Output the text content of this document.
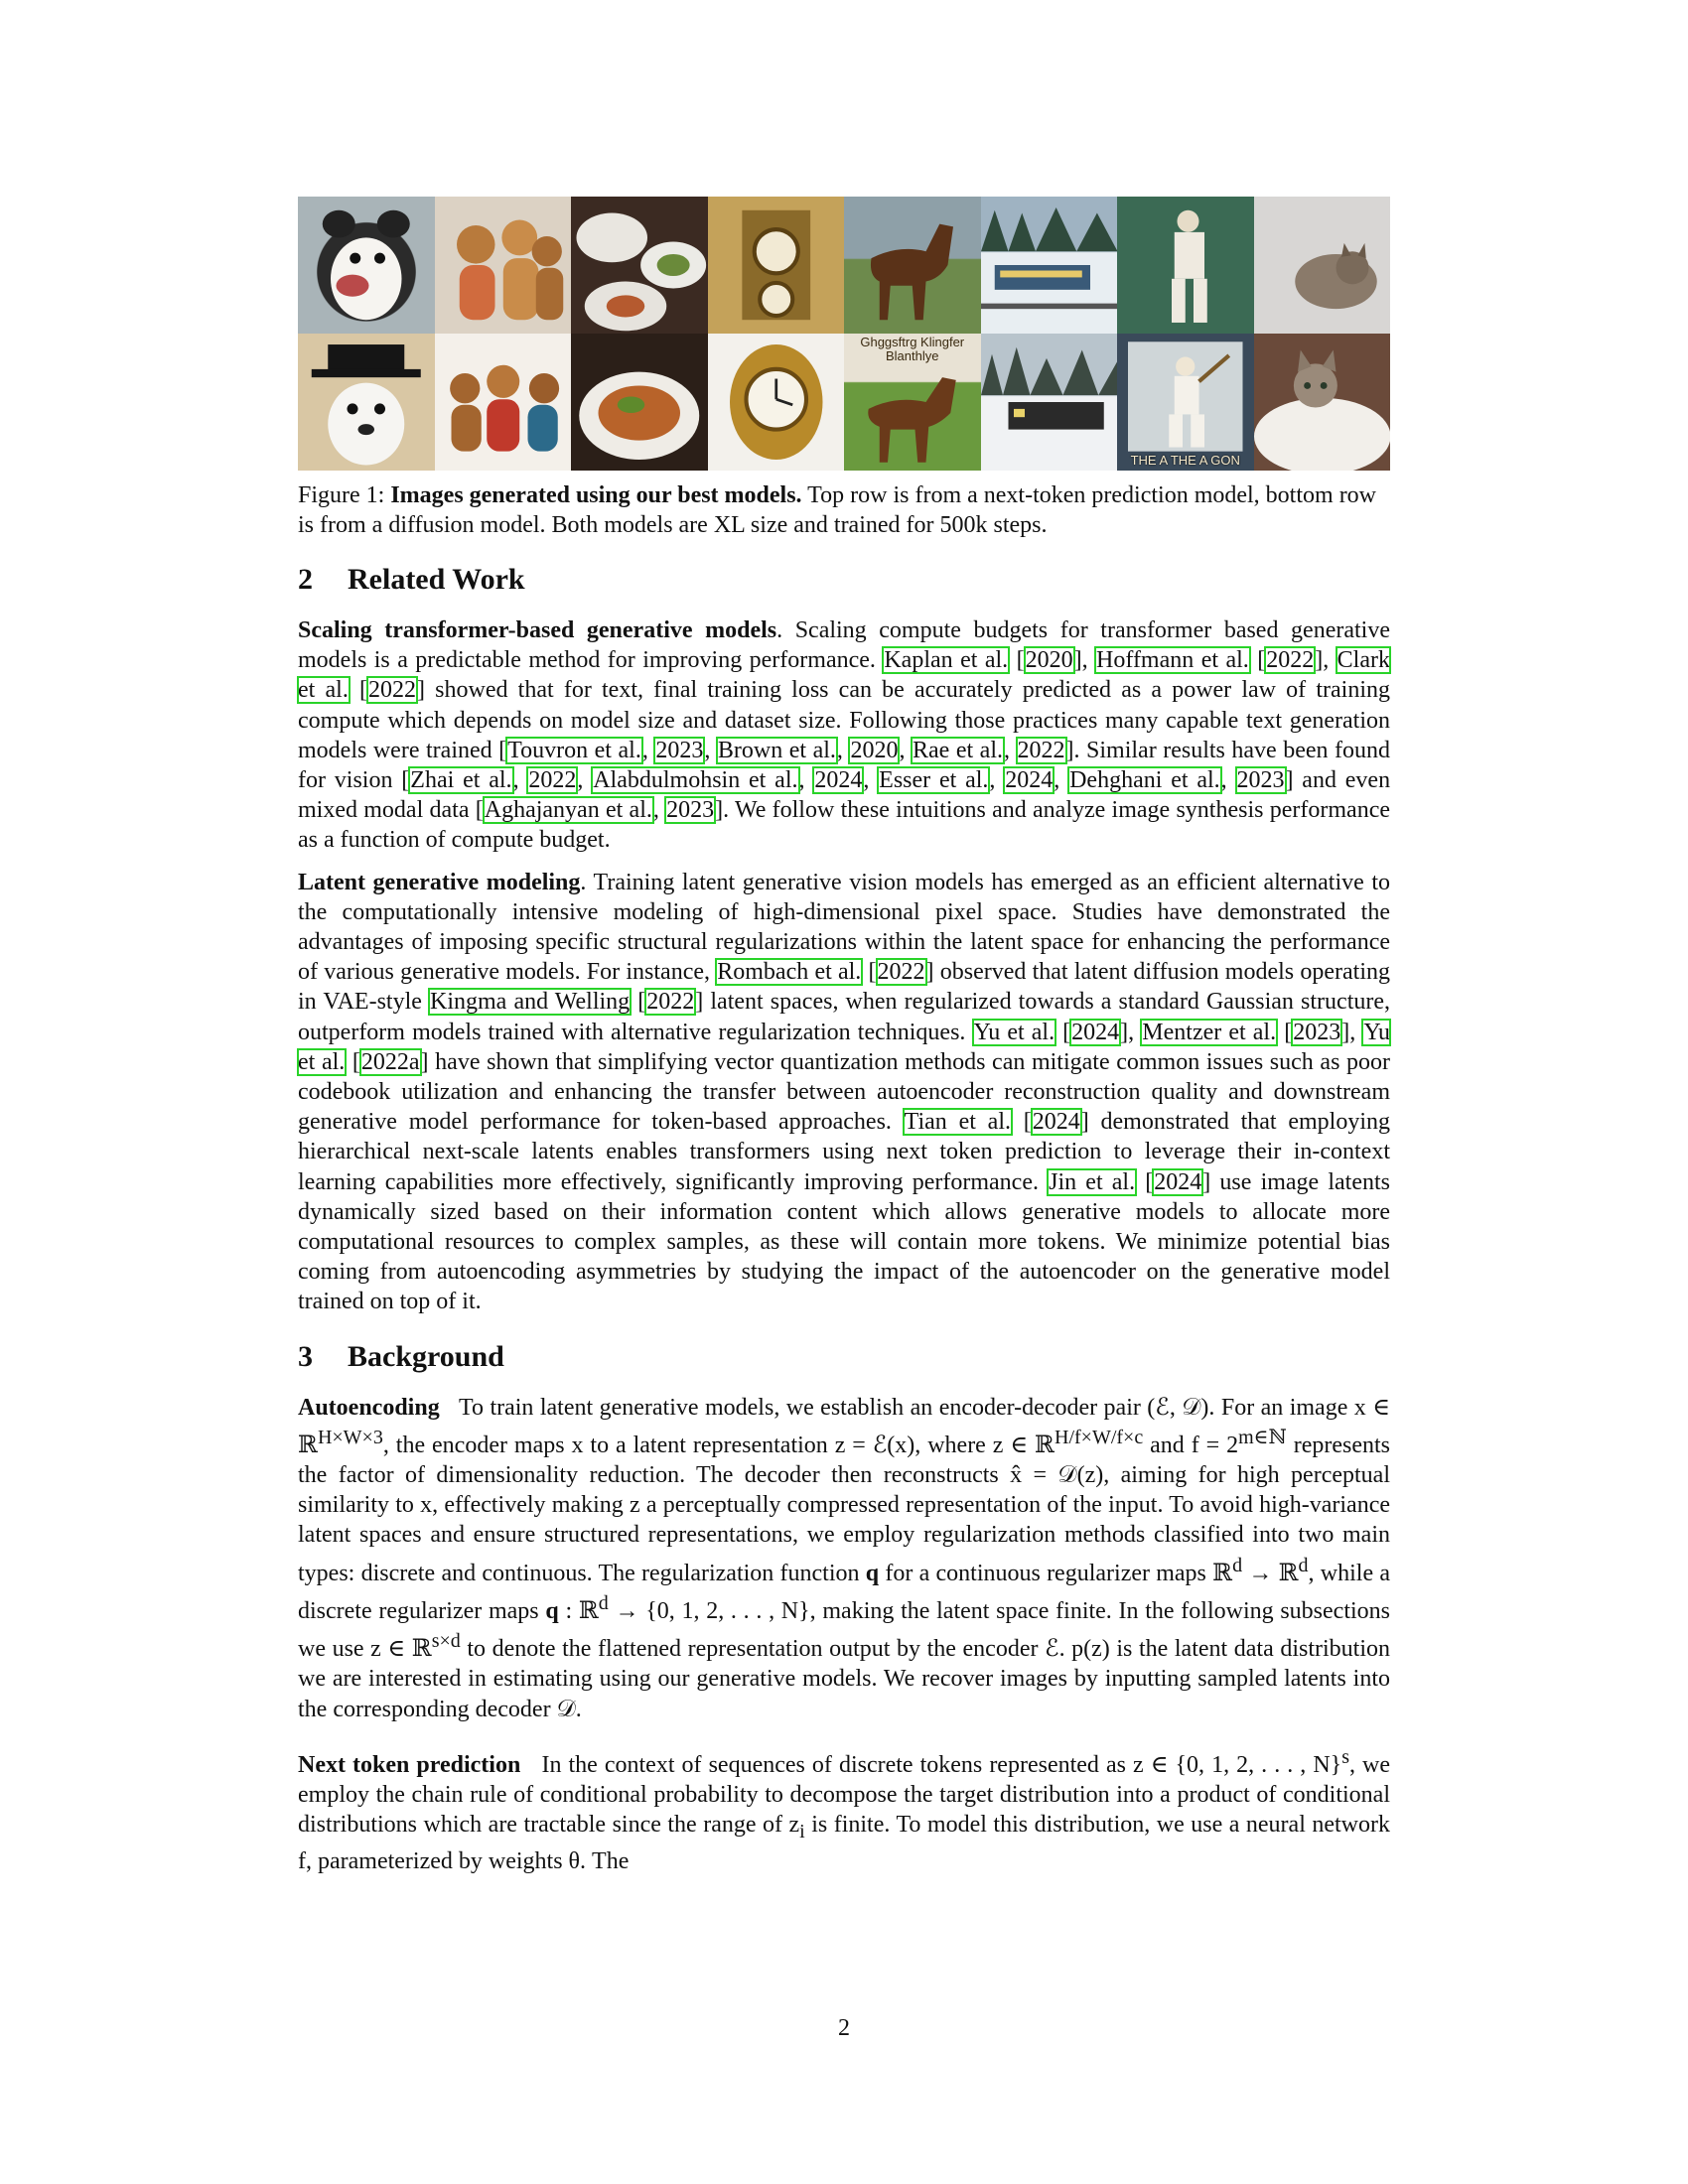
Ghggsftrg Klingfer Blanthlye
THE A THE A GON
Figure 1: Images generated using our best models. Top row is from a next-token prediction model, bottom row is from a diffusion model. Both models are XL size and trained for 500k steps.
2 Related Work

Scaling transformer-based generative models. Scaling compute budgets for transformer based generative models is a predictable method for improving performance. Kaplan et al. [2020], Hoffmann et al. [2022], Clark et al. [2022] showed that for text, final training loss can be accurately predicted as a power law of training compute which depends on model size and dataset size. Following those practices many capable text generation models were trained [Touvron et al., 2023, Brown et al., 2020, Rae et al., 2022]. Similar results have been found for vision [Zhai et al., 2022, Alabdulmohsin et al., 2024, Esser et al., 2024, Dehghani et al., 2023] and even mixed modal data [Aghajanyan et al., 2023]. We follow these intuitions and analyze image synthesis performance as a function of compute budget.

Latent generative modeling. Training latent generative vision models has emerged as an efficient alternative to the computationally intensive modeling of high-dimensional pixel space. Studies have demonstrated the advantages of imposing specific structural regularizations within the latent space for enhancing the performance of various generative models. For instance, Rombach et al. [2022] observed that latent diffusion models operating in VAE-style Kingma and Welling [2022] latent spaces, when regularized towards a standard Gaussian structure, outperform models trained with alternative regularization techniques. Yu et al. [2024], Mentzer et al. [2023], Yu et al. [2022a] have shown that simplifying vector quantization methods can mitigate common issues such as poor codebook utilization and enhancing the transfer between autoencoder reconstruction quality and downstream generative model performance for token-based approaches. Tian et al. [2024] demonstrated that employing hierarchical next-scale latents enables transformers using next token prediction to leverage their in-context learning capabilities more effectively, significantly improving performance. Jin et al. [2024] use image latents dynamically sized based on their information content which allows generative models to allocate more computational resources to complex samples, as these will contain more tokens. We minimize potential bias coming from autoencoding asymmetries by studying the impact of the autoencoder on the generative model trained on top of it.

3 Background

Autoencoding To train latent generative models, we establish an encoder-decoder pair (ℰ, 𝒟). For an image x ∈ ℝ$^{H\times W\times 3}$, the encoder maps x to a latent representation z = ℰ(x), where z ∈ ℝ$^{H/f\times W/f\times c}$ and $f = 2^{m\in ℕ}$ represents the factor of dimensionality reduction. The decoder then reconstructs x̂ = 𝒟(z), aiming for high perceptual similarity to x, effectively making z a perceptually compressed representation of the input. To avoid high-variance latent spaces and ensure structured representations, we employ regularization methods classified into two main types: discrete and continuous. The regularization function q for a continuous regularizer maps ℝ$^d$ → ℝ$^d$, while a discrete regularizer maps q : ℝ$^d$ → {0, 1, 2, . . . , N}, making the latent space finite. In the following subsections we use z ∈ ℝ$^{s\times d}$ to denote the flattened representation output by the encoder ℰ. p(z) is the latent data distribution we are interested in estimating using our generative models. We recover images by inputting sampled latents into the corresponding decoder 𝒟.

Next token prediction In the context of sequences of discrete tokens represented as z ∈ {0, 1, 2, . . . , N}$^s$, we employ the chain rule of conditional probability to decompose the target distribution into a product of conditional distributions which are tractable since the range of $z_i$ is finite. To model this distribution, we use a neural network f, parameterized by weights θ. The

2
